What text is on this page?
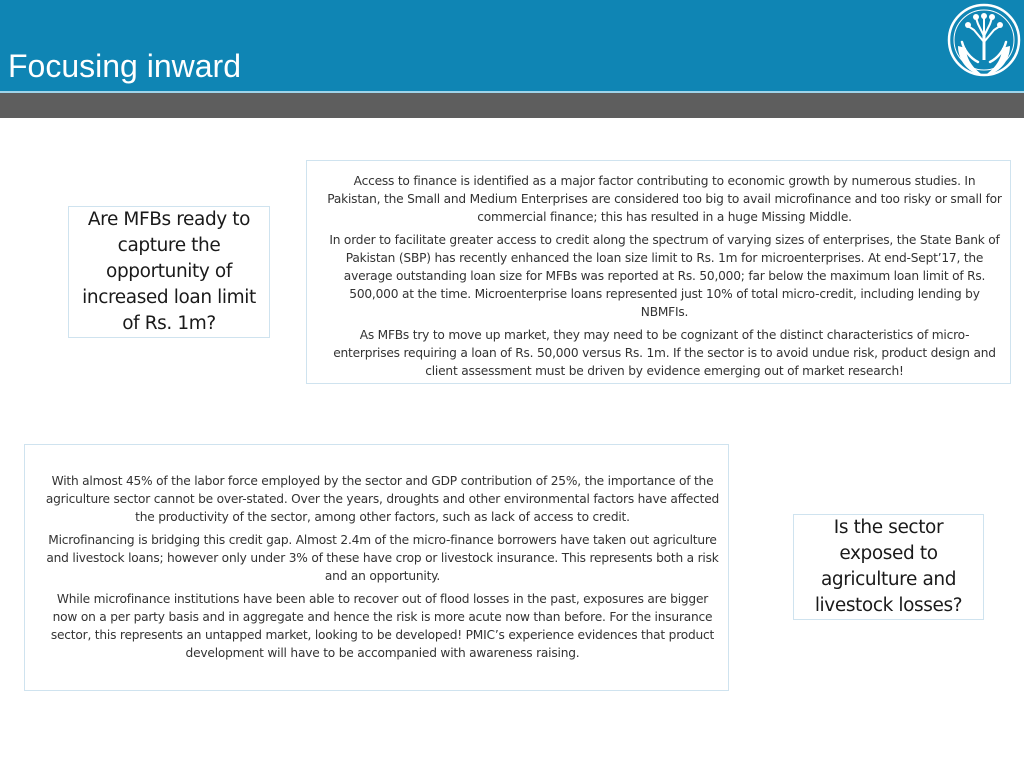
Focusing inward
Are MFBs ready to capture the opportunity of increased loan limit of Rs. 1m?

Access to finance is identified as a major factor contributing to economic growth by numerous studies. In Pakistan, the Small and Medium Enterprises are considered too big to avail microfinance and too risky or small for commercial finance; this has resulted in a huge Missing Middle.

In order to facilitate greater access to credit along the spectrum of varying sizes of enterprises, the State Bank of Pakistan (SBP) has recently enhanced the loan size limit to Rs. 1m for microenterprises. At end-Sept’17, the average outstanding loan size for MFBs was reported at Rs. 50,000; far below the maximum loan limit of Rs. 500,000 at the time. Microenterprise loans represented just 10% of total micro-credit, including lending by NBMFIs.

As MFBs try to move up market, they may need to be cognizant of the distinct characteristics of micro-enterprises requiring a loan of Rs. 50,000 versus Rs. 1m. If the sector is to avoid undue risk, product design and client assessment must be driven by evidence emerging out of market research!

With almost 45% of the labor force employed by the sector and GDP contribution of 25%, the importance of the agriculture sector cannot be over-stated. Over the years, droughts and other environmental factors have affected the productivity of the sector, among other factors, such as lack of access to credit.

Microfinancing is bridging this credit gap. Almost 2.4m of the micro-finance borrowers have taken out agriculture and livestock loans; however only under 3% of these have crop or livestock insurance. This represents both a risk and an opportunity.

While microfinance institutions have been able to recover out of flood losses in the past, exposures are bigger now on a per party basis and in aggregate and hence the risk is more acute now than before. For the insurance sector, this represents an untapped market, looking to be developed! PMIC’s experience evidences that product development will have to be accompanied with awareness raising.

Is the sector exposed to agriculture and livestock losses?
